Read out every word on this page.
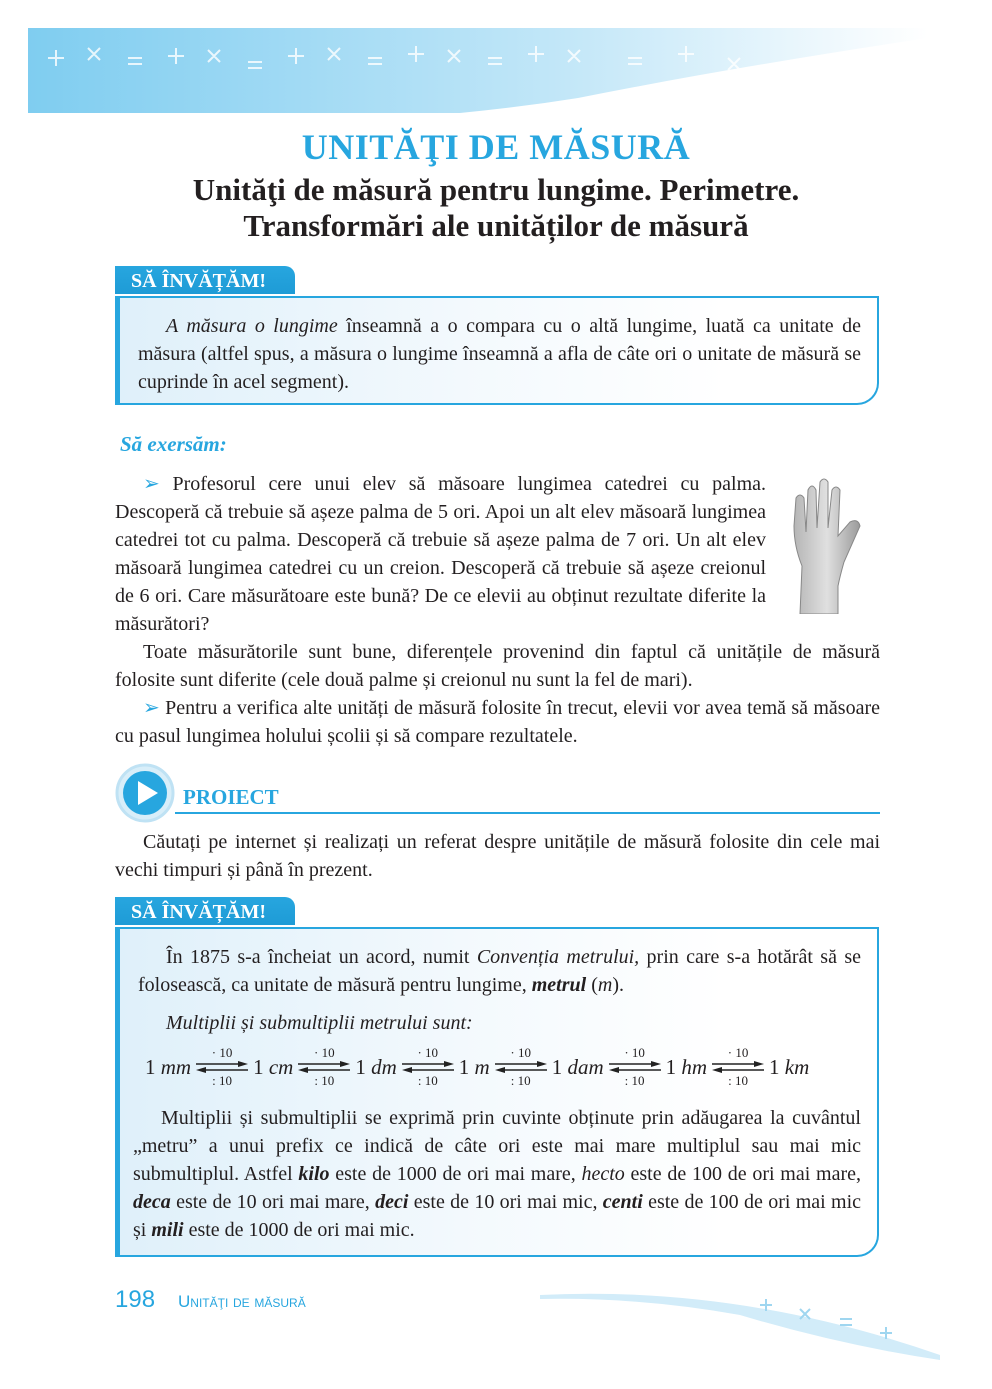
UNITĂŢI DE MĂSURĂ
Unităţi de măsură pentru lungime. Perimetre.
Transformări ale unităților de măsură
SĂ ÎNVĂȚĂM!
A măsura o lungime înseamnă a o compara cu o altă lungime, luată ca unitate de măsura (altfel spus, a măsura o lungime înseamnă a afla de câte ori o unitate de măsură se cuprinde în acel segment).
Să exersăm:
➢ Profesorul cere unui elev să măsoare lungimea catedrei cu palma. Descoperă că trebuie să așeze palma de 5 ori. Apoi un alt elev măsoară lungimea catedrei tot cu palma. Descoperă că trebuie să așeze palma de 7 ori. Un alt elev măsoară lungimea catedrei cu un creion. Descoperă că trebuie să așeze creionul de 6 ori. Care măsurătoare este bună? De ce elevii au obținut rezultate diferite la măsurători?
Toate măsurătorile sunt bune, diferențele provenind din faptul că unitățile de măsură folosite sunt diferite (cele două palme și creionul nu sunt la fel de mari).
➢ Pentru a verifica alte unități de măsură folosite în trecut, elevii vor avea temă să măsoare cu pasul lungimea holului școlii și să compare rezultatele.
PROIECT
Căutați pe internet și realizați un referat despre unitățile de măsură folosite din cele mai vechi timpuri și până în prezent.
SĂ ÎNVĂȚĂM!
În 1875 s-a încheiat un acord, numit Convenția metrului, prin care s-a hotărât să se folosească, ca unitate de măsură pentru lungime, metrul (m).
Multiplii și submultiplii metrului sunt:
1 mm
· 10
: 10
1 cm
· 10
: 10
1 dm
· 10
: 10
1 m
· 10
: 10
1 dam
· 10
: 10
1 hm
· 10
: 10
1 km
Multiplii și submultiplii se exprimă prin cuvinte obținute prin adăugarea la cuvântul „metru” a unui prefix ce indică de câte ori este mai mare multiplul sau mai mic submultiplul. Astfel kilo este de 1000 de ori mai mare, hecto este de 100 de ori mai mare, deca este de 10 ori mai mare, deci este de 10 ori mai mic, centi este de 100 de ori mai mic și mili este de 1000 de ori mai mic.
198 Unităţi de măsură
